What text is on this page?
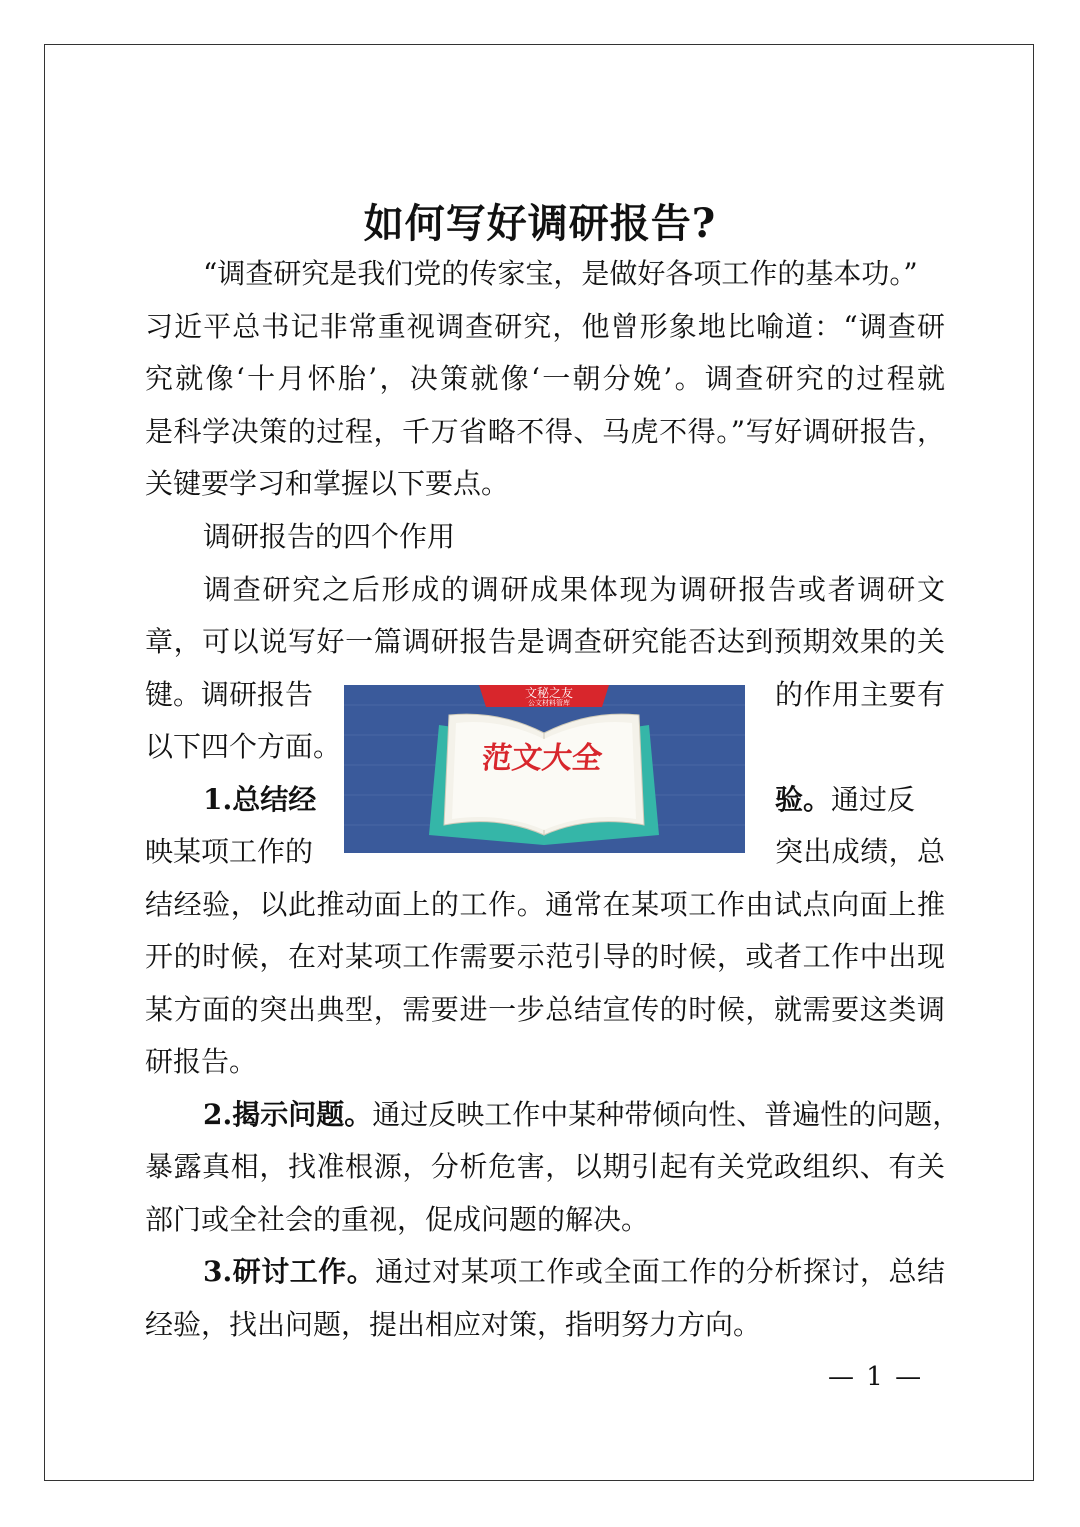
如何写好调研报告?

“调查研究是我们党的传家宝，是做好各项工作的基本功。”

习近平总书记非常重视调查研究，他曾形象地比喻道：“调查研

究就像‘十月怀胎’，决策就像‘一朝分娩’。调查研究的过程就

是科学决策的过程，千万省略不得、马虎不得。”写好调研报告，

关键要学习和掌握以下要点。

调研报告的四个作用

调查研究之后形成的调研成果体现为调研报告或者调研文

章，可以说写好一篇调研报告是调查研究能否达到预期效果的关

键。调研报告	的作用主要有

以下四个方面。

1.总结经	验。通过反

映某项工作的	突出成绩，总

结经验，以此推动面上的工作。通常在某项工作由试点向面上推

开的时候，在对某项工作需要示范引导的时候，或者工作中出现

某方面的突出典型，需要进一步总结宣传的时候，就需要这类调

研报告。

2.揭示问题。通过反映工作中某种带倾向性、普遍性的问题，

暴露真相，找准根源，分析危害，以期引起有关党政组织、有关

部门或全社会的重视，促成问题的解决。

3.研讨工作。通过对某项工作或全面工作的分析探讨，总结

经验，找出问题，提出相应对策，指明努力方向。

— 1 —
文秘之友
公文材料管库
范文大全
